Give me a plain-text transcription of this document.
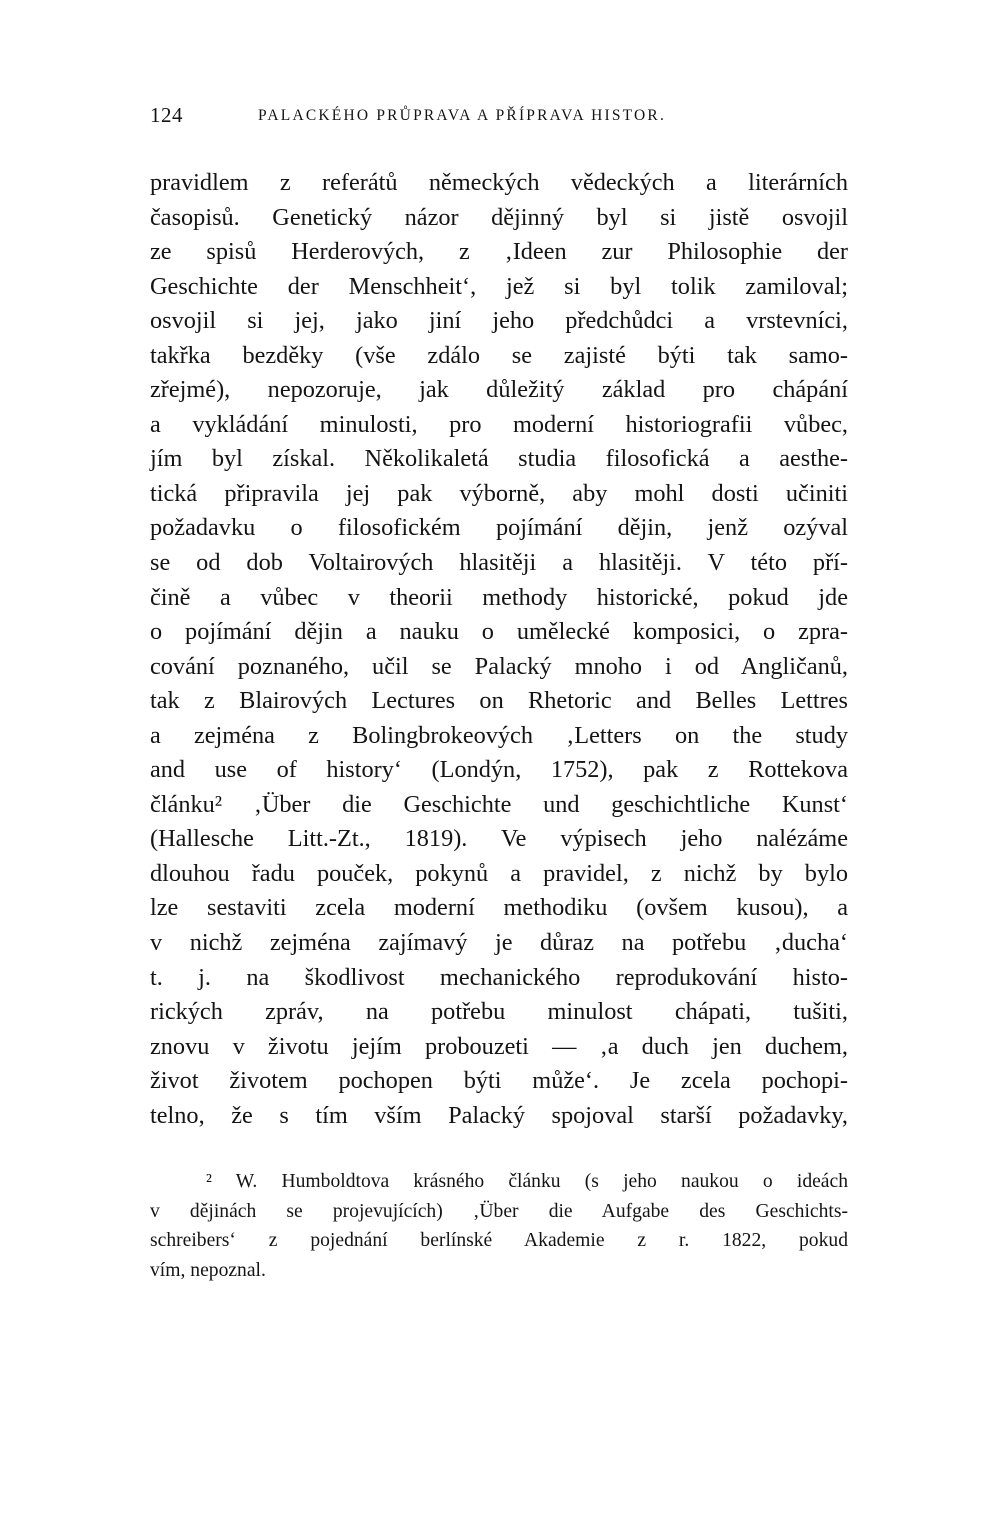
124	PALACKÉHO PRŮPRAVA A PŘÍPRAVA HISTOR.
pravidlem z referátů německých vědeckých a literárních
časopisů. Genetický názor dějinný byl si jistě osvojil
ze spisů Herderových, z ‚Ideen zur Philosophie der
Geschichte der Menschheit‘, jež si byl tolik zamiloval;
osvojil si jej, jako jiní jeho předchůdci a vrstevníci,
takřka bezděky (vše zdálo se zajisté býti tak samo-
zřejmé), nepozoruje, jak důležitý základ pro chápání
a vykládání minulosti, pro moderní historiografii vůbec,
jím byl získal. Několikaletá studia filosofická a aesthe-
tická připravila jej pak výborně, aby mohl dosti učiniti
požadavku o filosofickém pojímání dějin, jenž ozýval
se od dob Voltairových hlasitěji a hlasitěji. V této pří-
čině a vůbec v theorii methody historické, pokud jde
o pojímání dějin a nauku o umělecké komposici, o zpra-
cování poznaného, učil se Palacký mnoho i od Angličanů,
tak z Blairových Lectures on Rhetoric and Belles Lettres
a zejména z Bolingbrokeových ‚Letters on the study
and use of history‘ (Londýn, 1752), pak z Rottekova
článku² ‚Über die Geschichte und geschichtliche Kunst‘
(Hallesche Litt.-Zt., 1819). Ve výpisech jeho nalézáme
dlouhou řadu pouček, pokynů a pravidel, z nichž by bylo
lze sestaviti zcela moderní methodiku (ovšem kusou), a
v nichž zejména zajímavý je důraz na potřebu ‚ducha‘
t. j. na škodlivost mechanického reprodukování histo-
rických zpráv, na potřebu minulost chápati, tušiti,
znovu v životu jejím probouzeti — ‚a duch jen duchem,
život životem pochopen býti může‘. Je zcela pochopi-
telno, že s tím vším Palacký spojoval starší požadavky,
² W. Humboldtova krásného článku (s jeho naukou o ideách
v dějinách se projevujících) ‚Über die Aufgabe des Geschichts-
schreibers‘ z pojednání berlínské Akademie z r. 1822, pokud
vím, nepoznal.
